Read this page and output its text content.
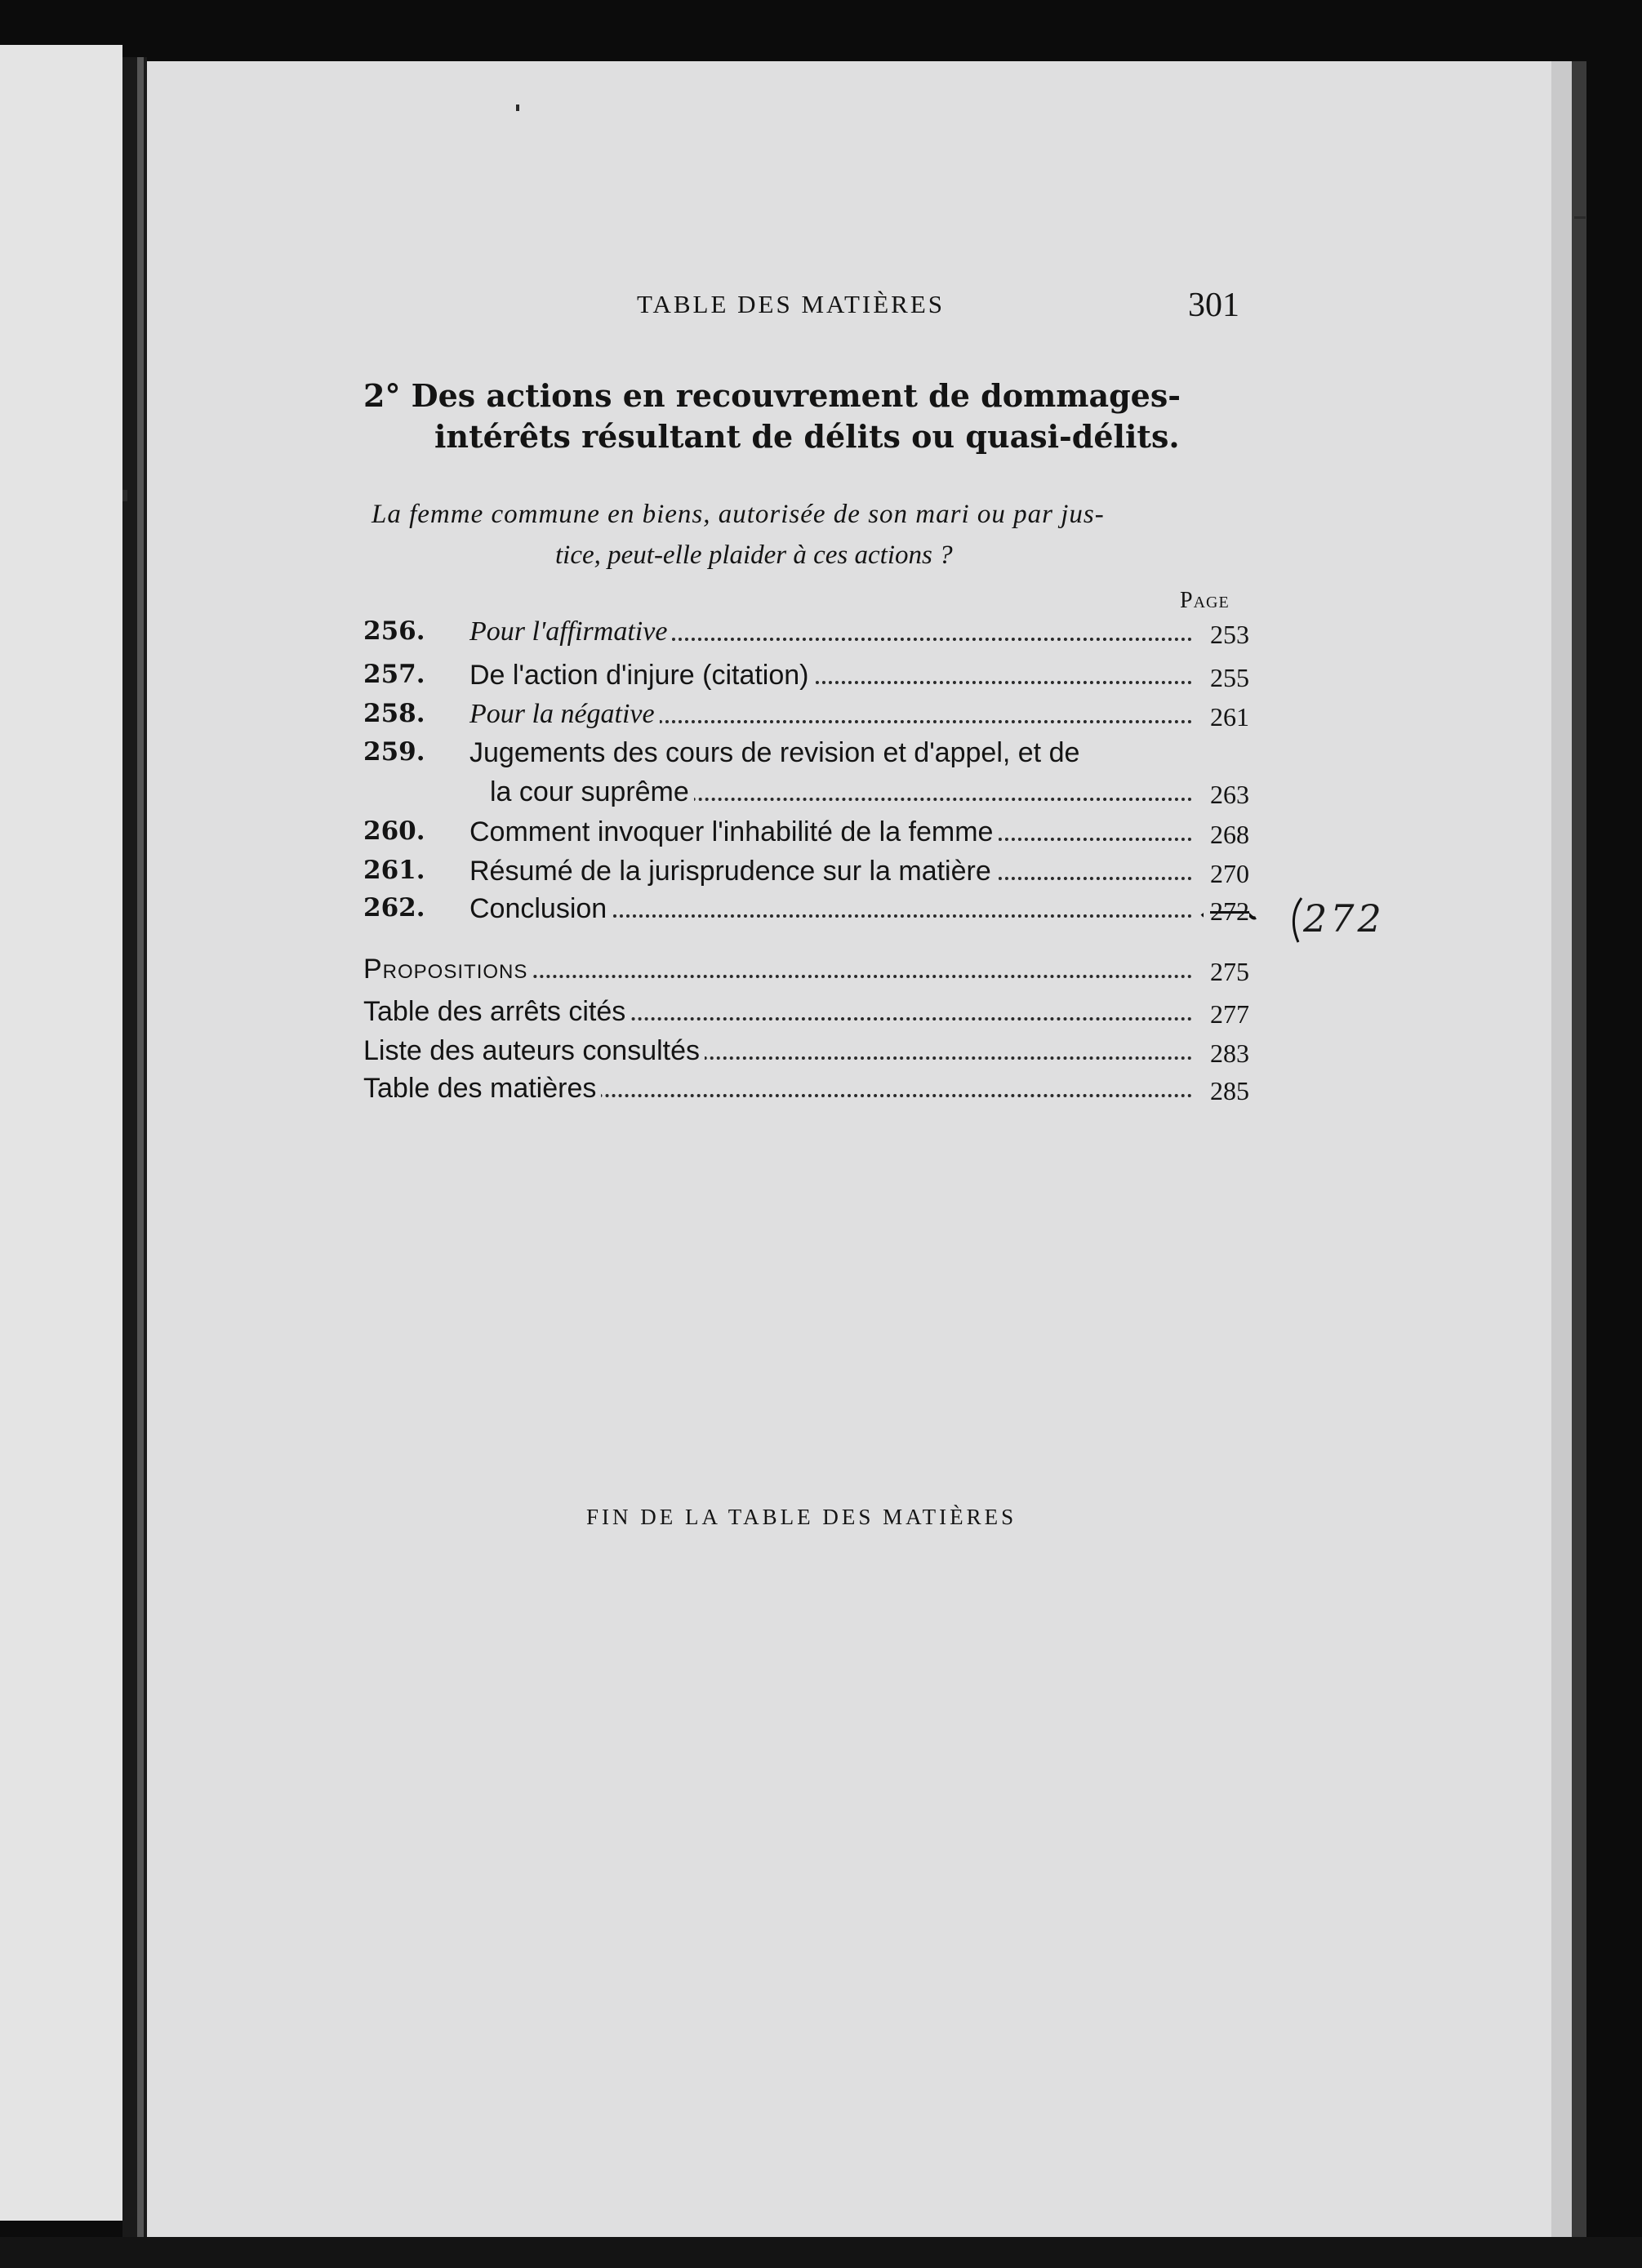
TABLE DES MATIÈRES	301
2° Des actions en recouvrement de dommages-
intérêts résultant de délits ou quasi-délits.
La femme commune en biens, autorisée de son mari ou par jus-
tice, peut-elle plaider à ces actions ?
Page
256. Pour l'affirmative	253
257. De l'action d'injure (citation)	255
258. Pour la négative	261
259. Jugements des cours de revision et d'appel, et de
la cour suprême	263
260. Comment invoquer l'inhabilité de la femme	268
261. Résumé de la jurisprudence sur la matière	270
262. Conclusion	272 272
Propositions	275
Table des arrêts cités	277
Liste des auteurs consultés	283
Table des matières	285
FIN DE LA TABLE DES MATIÈRES
